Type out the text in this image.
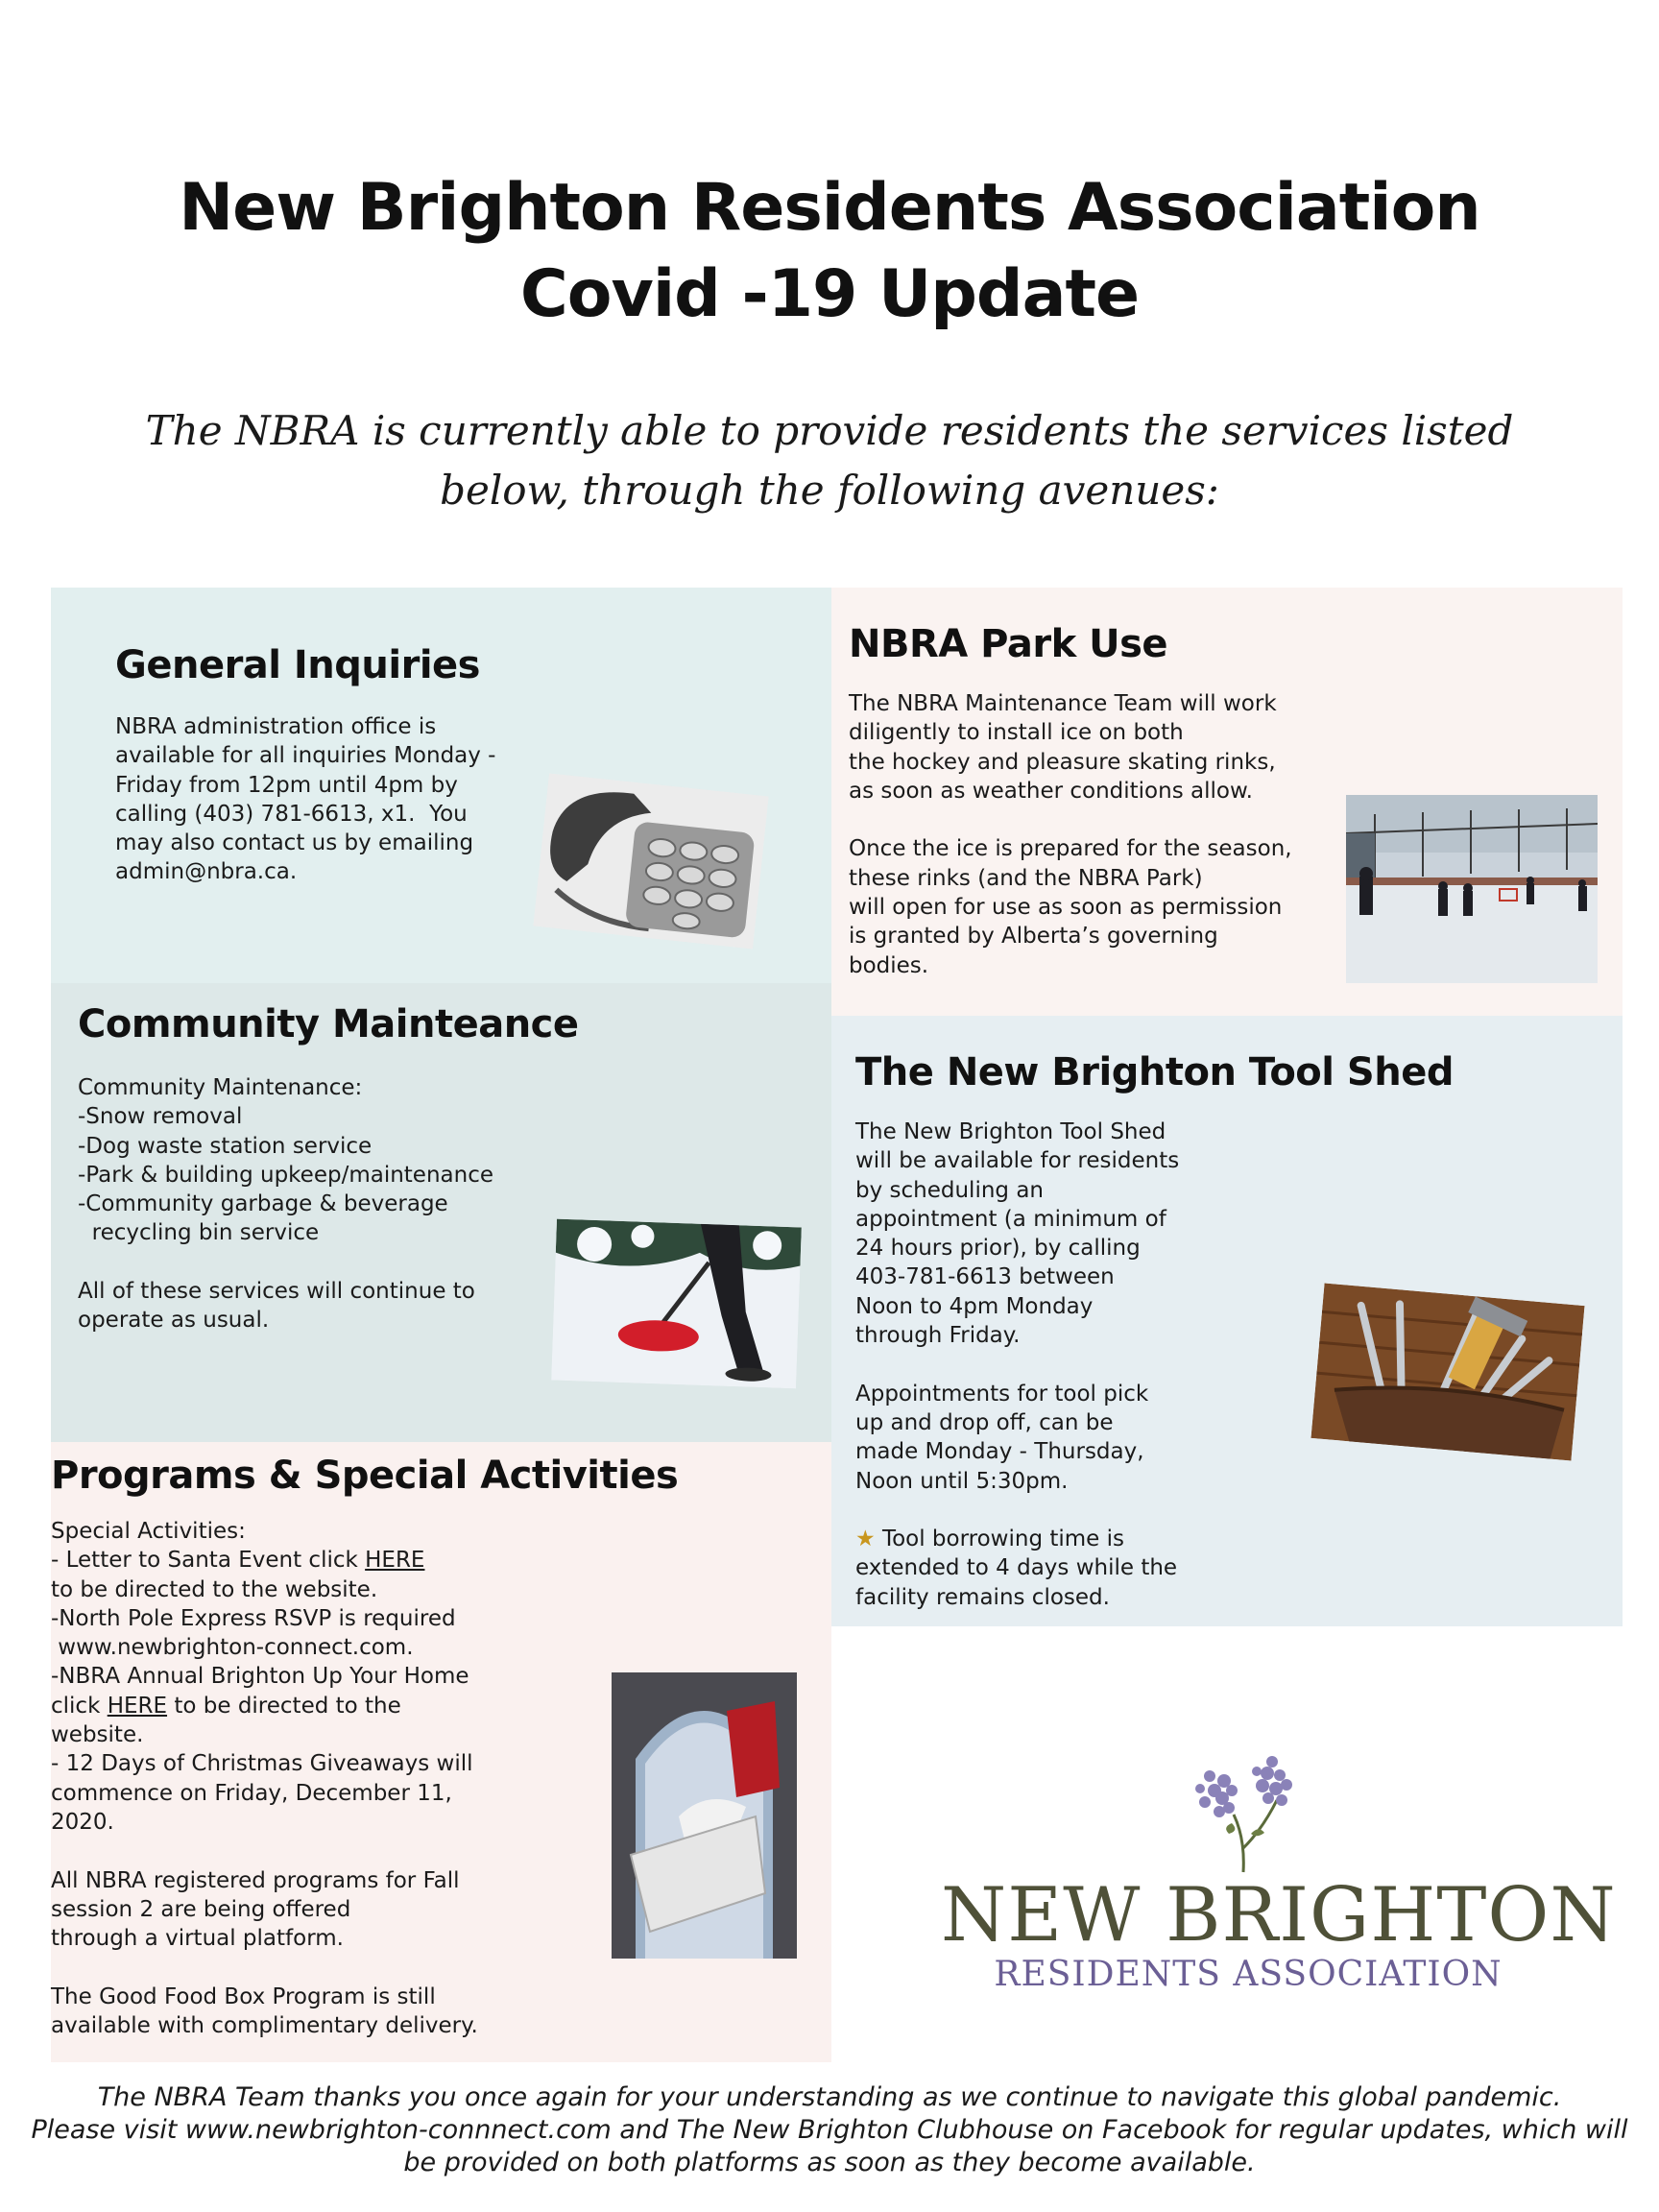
New Brighton Residents Association
Covid -19 Update
The NBRA is currently able to provide residents the services listed
below, through the following avenues:
General Inquiries
NBRA administration office is
available for all inquiries Monday -
Friday from 12pm until 4pm by
calling (403) 781-6613, x1.  You
may also contact us by emailing
admin@nbra.ca.
Community Mainteance
Community Maintenance:
-Snow removal
-Dog waste station service
-Park & building upkeep/maintenance
-Community garbage & beverage
recycling bin service
All of these services will continue to
operate as usual.
Programs & Special Activities
Special Activities:
- Letter to Santa Event click HERE
to be directed to the website.
-North Pole Express RSVP is required
www.newbrighton-connect.com.
-NBRA Annual Brighton Up Your Home
click HERE to be directed to the
website.
- 12 Days of Christmas Giveaways will
commence on Friday, December 11,
2020.
All NBRA registered programs for Fall
session 2 are being offered
through a virtual platform.
The Good Food Box Program is still
available with complimentary delivery.
NBRA Park Use
The NBRA Maintenance Team will work
diligently to install ice on both
the hockey and pleasure skating rinks,
as soon as weather conditions allow.
Once the ice is prepared for the season,
these rinks (and the NBRA Park)
will open for use as soon as permission
is granted by Alberta’s governing
bodies.
The New Brighton Tool Shed
The New Brighton Tool Shed
will be available for residents
by scheduling an
appointment (a minimum of
24 hours prior), by calling
403-781-6613 between
Noon to 4pm Monday
through Friday.
Appointments for tool pick
up and drop off, can be
made Monday - Thursday,
Noon until 5:30pm.
★ Tool borrowing time is
extended to 4 days while the
facility remains closed.
NEW BRIGHTON
RESIDENTS ASSOCIATION
The NBRA Team thanks you once again for your understanding as we continue to navigate this global pandemic.
Please visit www.newbrighton-connnect.com and The New Brighton Clubhouse on Facebook for regular updates, which will
be provided on both platforms as soon as they become available.
